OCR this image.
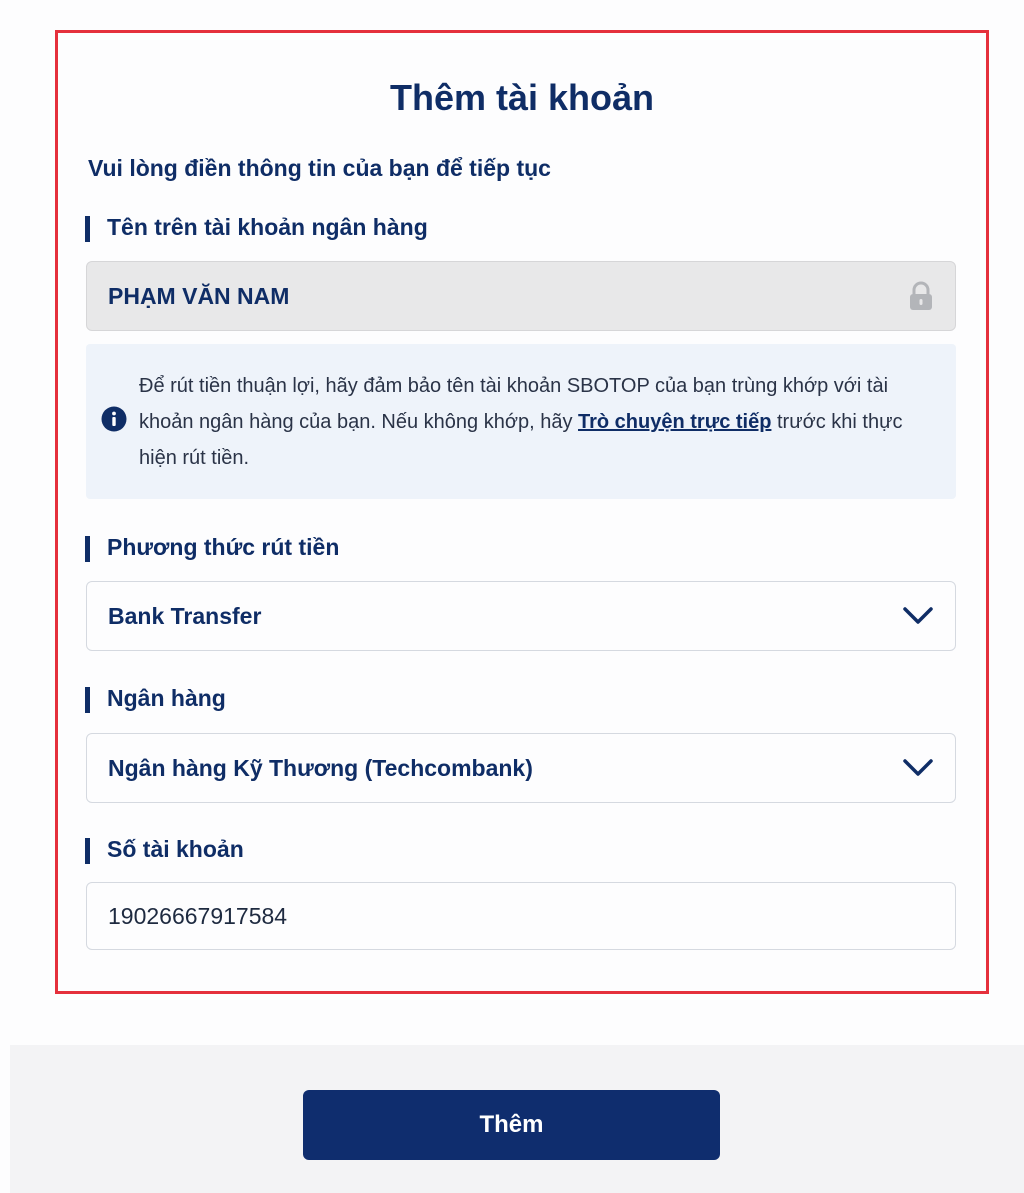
Thêm tài khoản

Vui lòng điền thông tin của bạn để tiếp tục

Tên trên tài khoản ngân hàng
PHẠM VĂN NAM

Để rút tiền thuận lợi, hãy đảm bảo tên tài khoản SBOTOP của bạn trùng khớp với tài khoản ngân hàng của bạn. Nếu không khớp, hãy Trò chuyện trực tiếp trước khi thực hiện rút tiền.

Phương thức rút tiền
Bank Transfer
Ngân hàng
Ngân hàng Kỹ Thương (Techcombank)
Số tài khoản
19026667917584
Thêm
